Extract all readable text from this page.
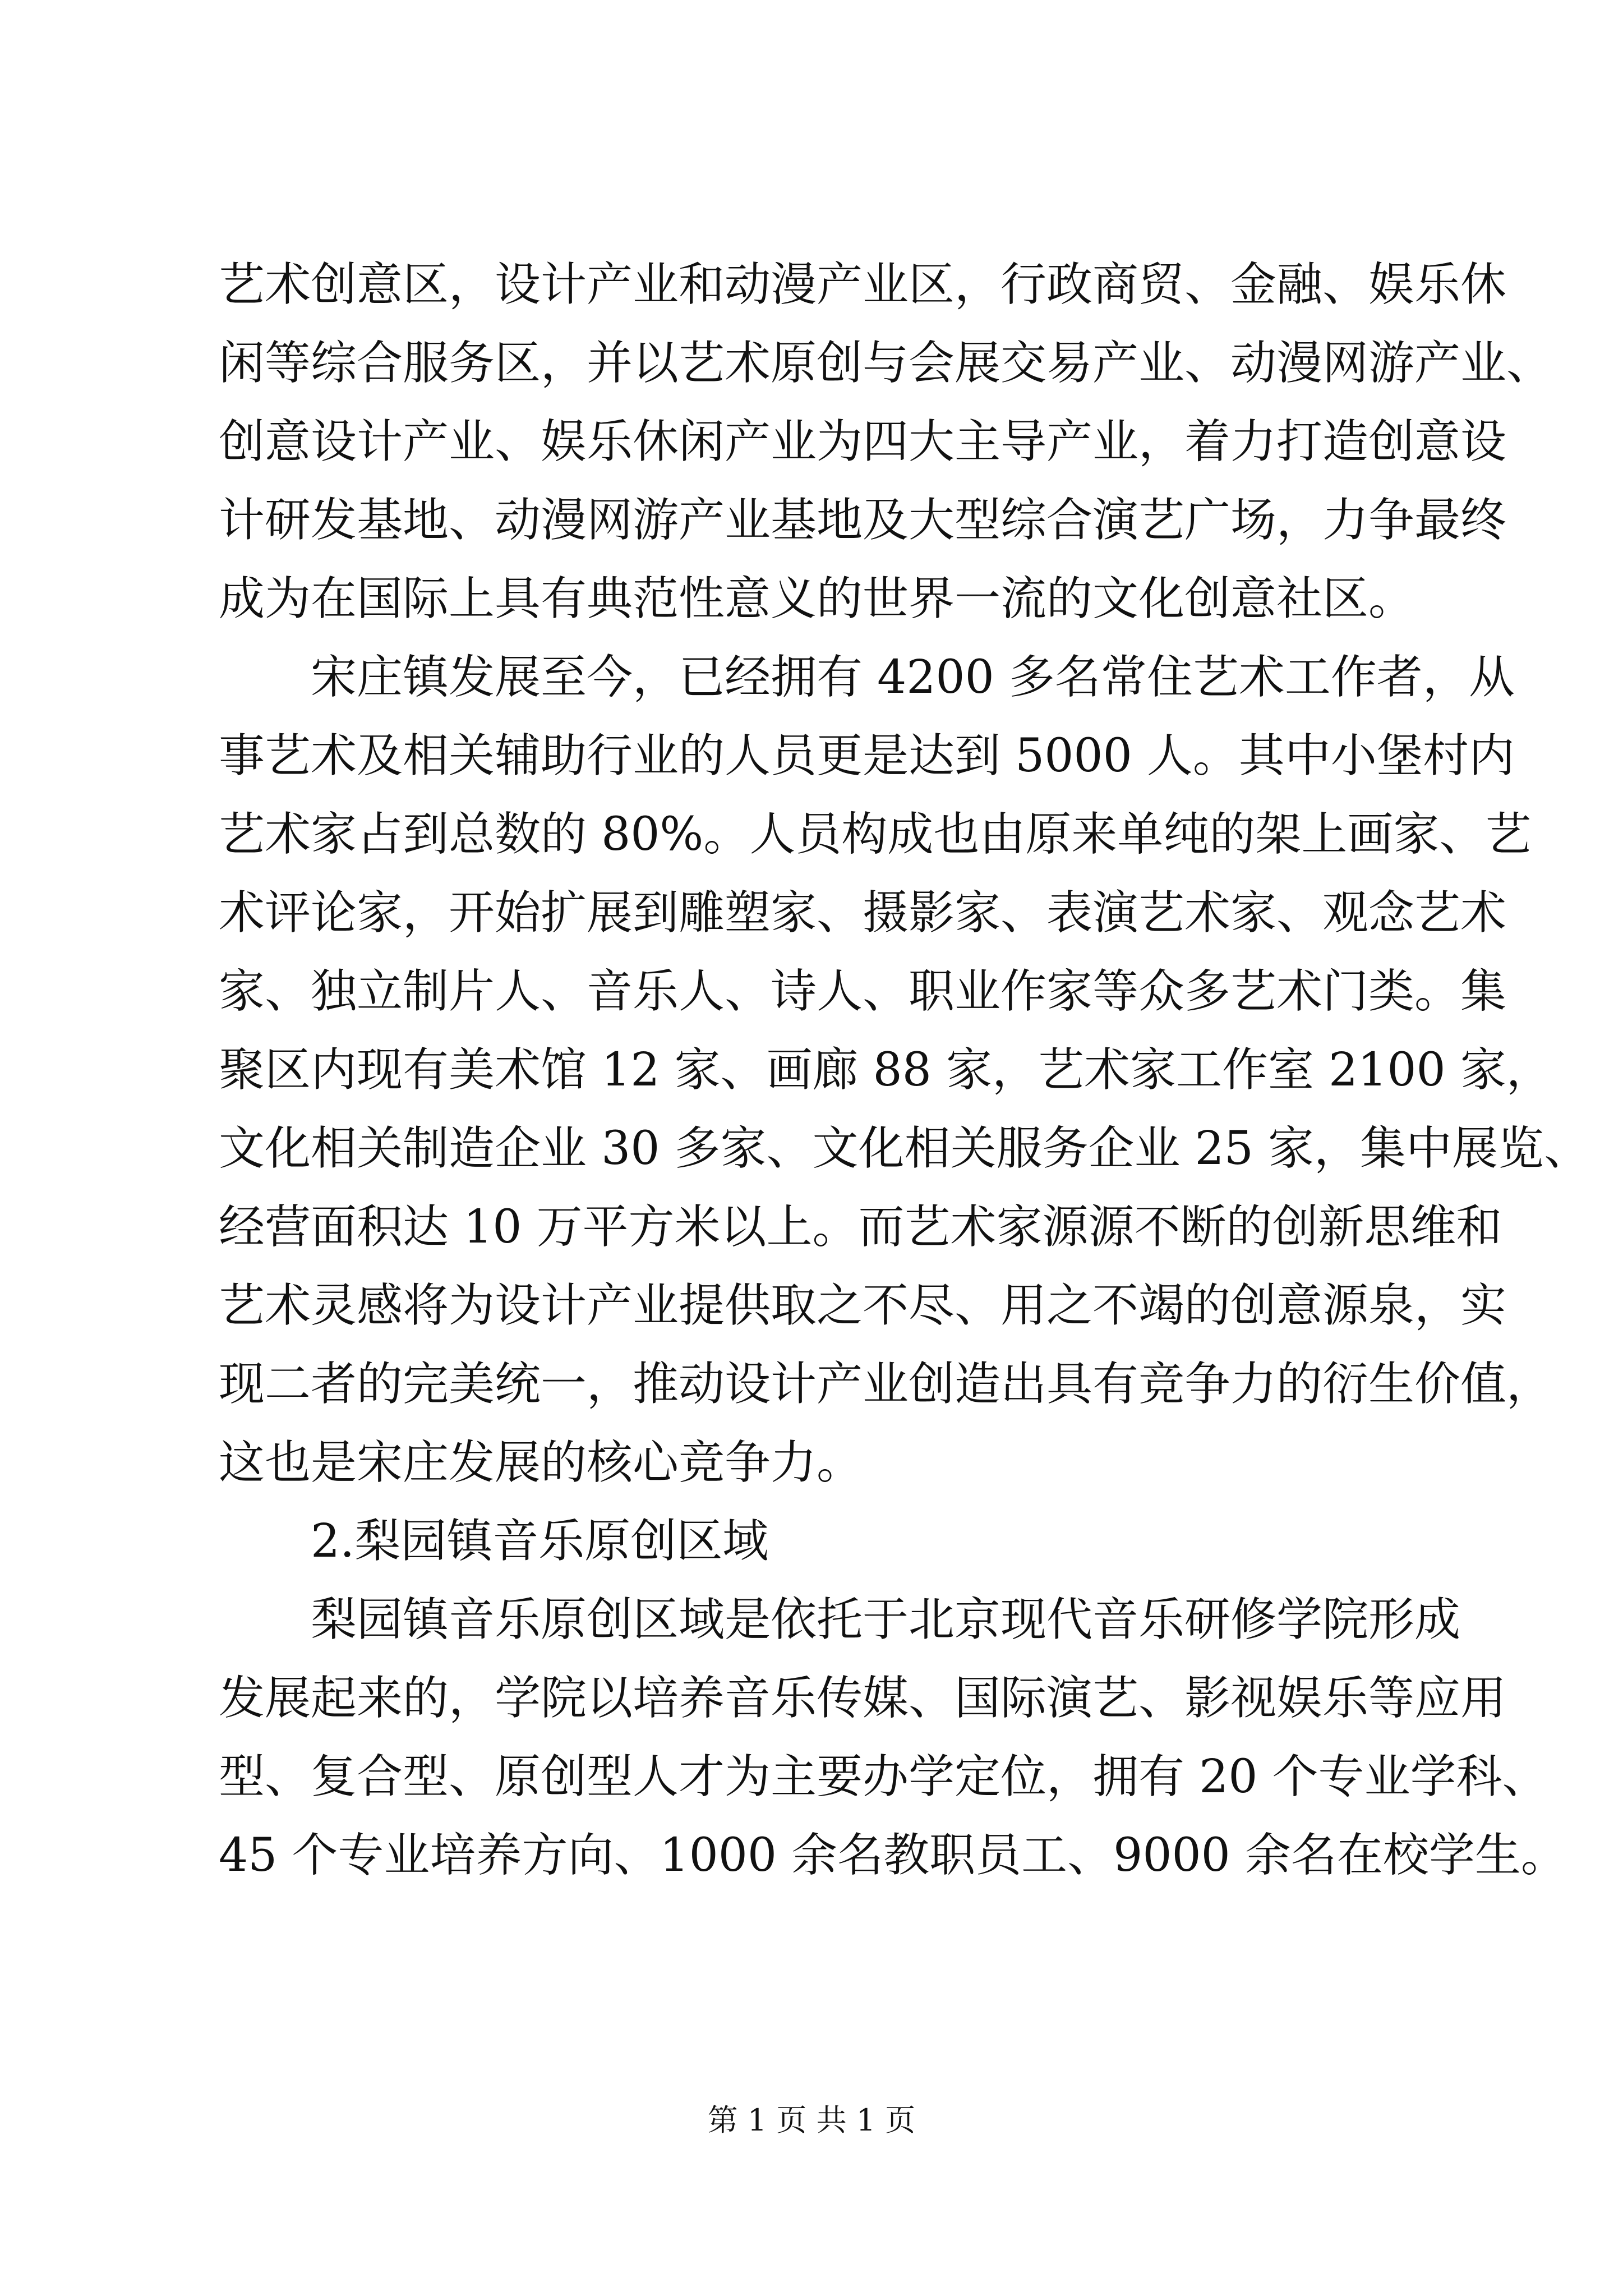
艺术创意区，设计产业和动漫产业区，行政商贸、金融、娱乐休
闲等综合服务区，并以艺术原创与会展交易产业、动漫网游产业、
创意设计产业、娱乐休闲产业为四大主导产业，着力打造创意设
计研发基地、动漫网游产业基地及大型综合演艺广场，力争最终
成为在国际上具有典范性意义的世界一流的文化创意社区。
宋庄镇发展至今，已经拥有 4200 多名常住艺术工作者，从
事艺术及相关辅助行业的人员更是达到 5000 人。其中小堡村内
艺术家占到总数的 80%。人员构成也由原来单纯的架上画家、艺
术评论家，开始扩展到雕塑家、摄影家、表演艺术家、观念艺术
家、独立制片人、音乐人、诗人、职业作家等众多艺术门类。集
聚区内现有美术馆 12 家、画廊 88 家，艺术家工作室 2100 家，
文化相关制造企业 30 多家、文化相关服务企业 25 家，集中展览、
经营面积达 10 万平方米以上。而艺术家源源不断的创新思维和
艺术灵感将为设计产业提供取之不尽、用之不竭的创意源泉，实
现二者的完美统一，推动设计产业创造出具有竞争力的衍生价值，
这也是宋庄发展的核心竞争力。
2.梨园镇音乐原创区域
梨园镇音乐原创区域是依托于北京现代音乐研修学院形成
发展起来的，学院以培养音乐传媒、国际演艺、影视娱乐等应用
型、复合型、原创型人才为主要办学定位，拥有 20 个专业学科、
45 个专业培养方向、1000 余名教职员工、9000 余名在校学生。
第 1 页 共 1 页
